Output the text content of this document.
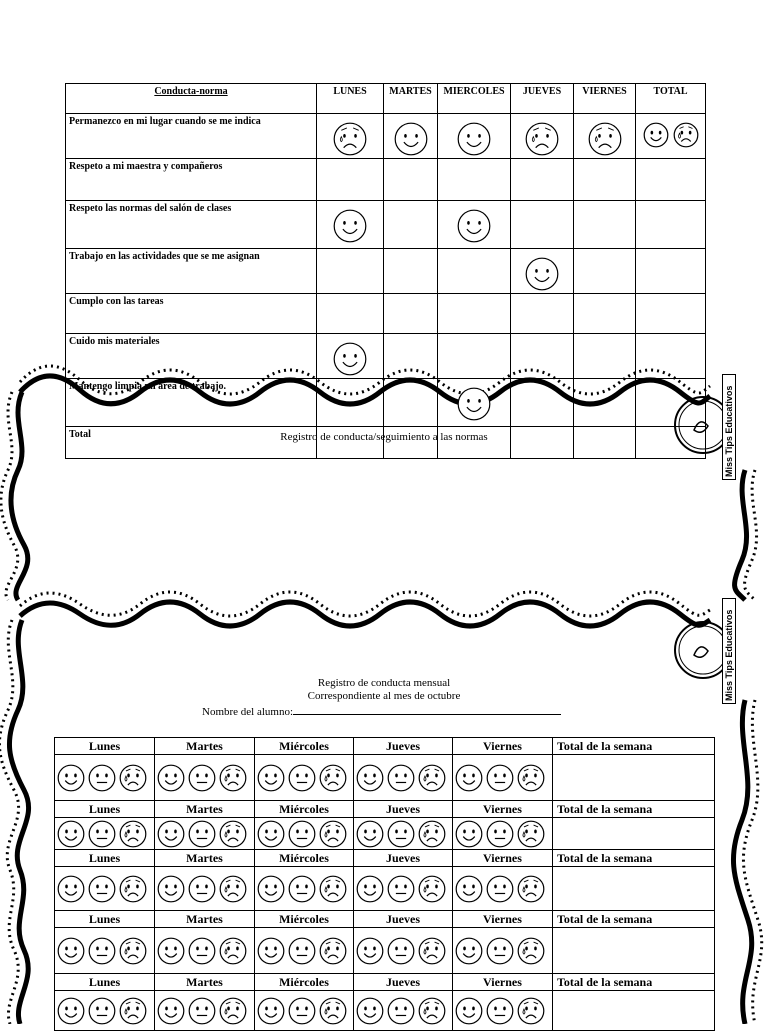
Miss Tips Educativos
Miss Tips Educativos
Conducta-norma	LUNES	MARTES	MIERCOLES	JUEVES	VIERNES	TOTAL
Permanezco en mi lugar cuando se me indica	

Respeto a mi maestra y compañeros						
Respeto las normas del salón de clases	

Trabajo en las actividades que se me asignan				

Cumplo con las tareas						
Cuido mis materiales	

Mantengo limpia mi área de trabajo.			

Total							Registro de conducta/seguimiento a las normas
Registro de conducta mensual
Correspondiente al mes de octubre
Nombre del alumno:
Lunes	Martes	Miércoles	Jueves	Viernes	Total de la semana

Lunes	Martes	Miércoles	Jueves	Viernes	Total de la semana

Lunes	Martes	Miércoles	Jueves	Viernes	Total de la semana

Lunes	Martes	Miércoles	Jueves	Viernes	Total de la semana

Lunes	Martes	Miércoles	Jueves	Viernes	Total de la semana
